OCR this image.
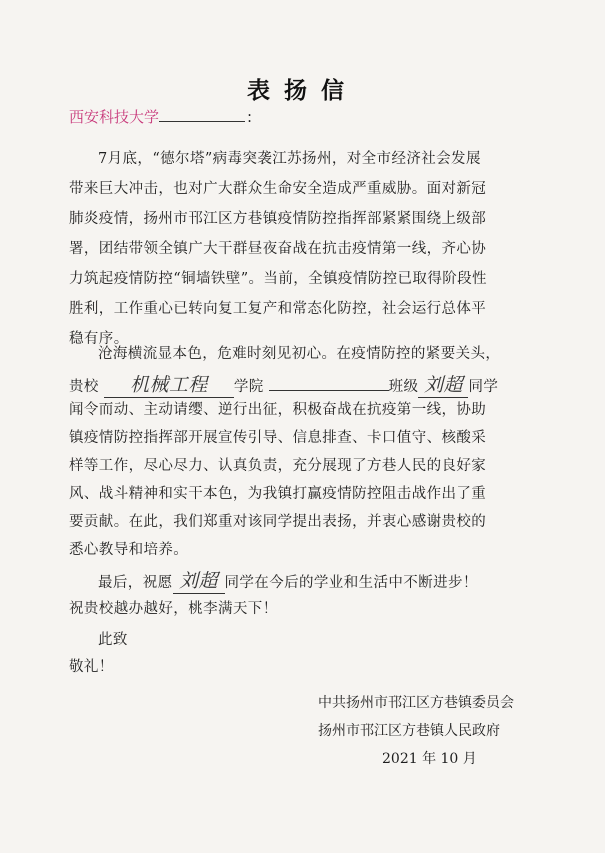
表扬信
西安科技大学	:
7月底，“德尔塔”病毒突袭江苏扬州，对全市经济社会发展
带来巨大冲击，也对广大群众生命安全造成严重威胁。面对新冠
肺炎疫情，扬州市邗江区方巷镇疫情防控指挥部紧紧围绕上级部
署，团结带领全镇广大干群昼夜奋战在抗击疫情第一线，齐心协
力筑起疫情防控“铜墙铁壁”。当前，全镇疫情防控已取得阶段性
胜利，工作重心已转向复工复产和常态化防控，社会运行总体平
稳有序。
沧海横流显本色，危难时刻见初心。在疫情防控的紧要关头，
贵校 机械工程 学院	班级 刘超 同学
闻令而动、主动请缨、逆行出征，积极奋战在抗疫第一线，协助
镇疫情防控指挥部开展宣传引导、信息排查、卡口值守、核酸采
样等工作，尽心尽力、认真负责，充分展现了方巷人民的良好家
风、战斗精神和实干本色，为我镇打赢疫情防控阻击战作出了重
要贡献。在此，我们郑重对该同学提出表扬，并衷心感谢贵校的
悉心教导和培养。
最后，祝愿 刘超 同学在今后的学业和生活中不断进步！
祝贵校越办越好，桃李满天下！
此致
敬礼！
中共扬州市邗江区方巷镇委员会
扬州市邗江区方巷镇人民政府
2021 年 10 月
